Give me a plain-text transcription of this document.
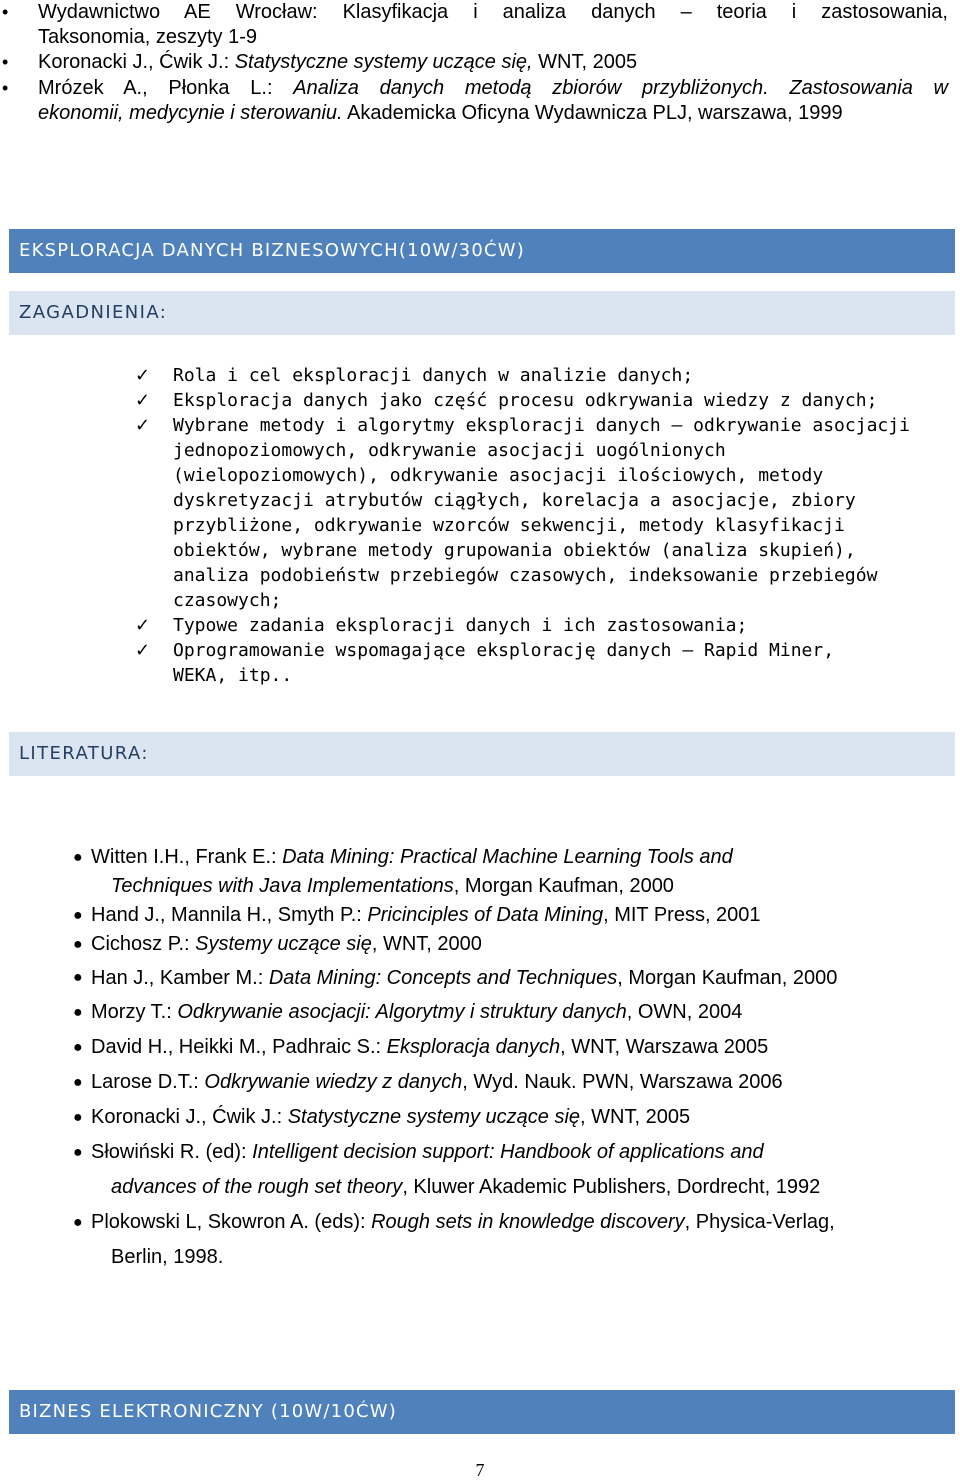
• Wydawnictwo AE Wrocław: Klasyfikacja i analiza danych – teoria i zastosowania,
Taksonomia, zeszyty 1-9
• Koronacki J., Ćwik J.: Statystyczne systemy uczące się, WNT, 2005
• Mrózek A., Płonka L.: Analiza danych metodą zbiorów przybliżonych. Zastosowania w
ekonomii, medycynie i sterowaniu. Akademicka Oficyna Wydawnicza PLJ, warszawa, 1999
EKSPLORACJA DANYCH BIZNESOWYCH(10W/30ĆW)
ZAGADNIENIA:
✓ Rola i cel eksploracji danych w analizie danych;
✓ Eksploracja danych jako część procesu odkrywania wiedzy z danych;
✓ Wybrane metody i algorytmy eksploracji danych – odkrywanie asocjacji
jednopoziomowych, odkrywanie asocjacji uogólnionych
(wielopoziomowych), odkrywanie asocjacji ilościowych, metody
dyskretyzacji atrybutów ciągłych, korelacja a asocjacje, zbiory
przybliżone, odkrywanie wzorców sekwencji, metody klasyfikacji
obiektów, wybrane metody grupowania obiektów (analiza skupień),
analiza podobieństw przebiegów czasowych, indeksowanie przebiegów
czasowych;
✓ Typowe zadania eksploracji danych i ich zastosowania;
✓ Oprogramowanie wspomagające eksplorację danych – Rapid Miner,
WEKA, itp..
LITERATURA:
● Witten I.H., Frank E.: Data Mining: Practical Machine Learning Tools and
Techniques with Java Implementations, Morgan Kaufman, 2000
● Hand J., Mannila H., Smyth P.: Pricinciples of Data Mining, MIT Press, 2001
● Cichosz P.: Systemy uczące się, WNT, 2000
● Han J., Kamber M.: Data Mining: Concepts and Techniques, Morgan Kaufman, 2000
● Morzy T.: Odkrywanie asocjacji: Algorytmy i struktury danych, OWN, 2004
● David H., Heikki M., Padhraic S.: Eksploracja danych, WNT, Warszawa 2005
● Larose D.T.: Odkrywanie wiedzy z danych, Wyd. Nauk. PWN, Warszawa 2006
● Koronacki J., Ćwik J.: Statystyczne systemy uczące się, WNT, 2005
● Słowiński R. (ed): Intelligent decision support: Handbook of applications and
advances of the rough set theory, Kluwer Akademic Publishers, Dordrecht, 1992
● Plokowski L, Skowron A. (eds): Rough sets in knowledge discovery, Physica-Verlag,
Berlin, 1998.
BIZNES ELEKTRONICZNY (10W/10ĆW)
7
